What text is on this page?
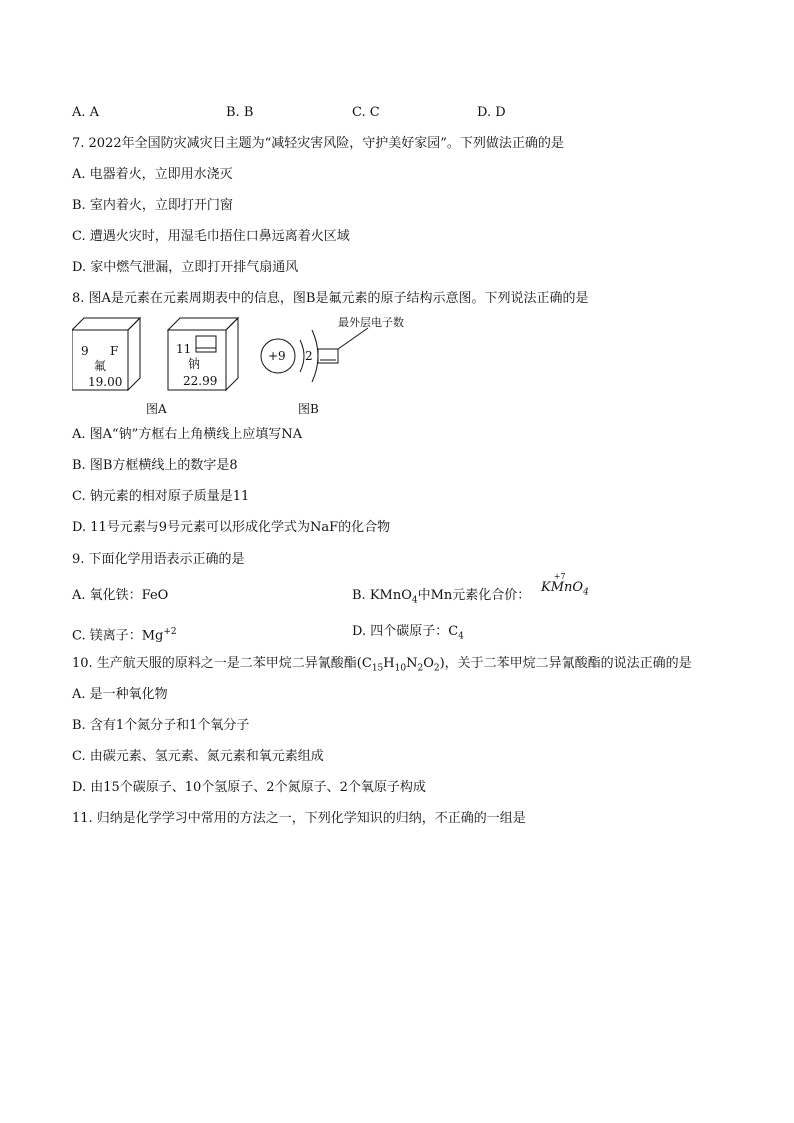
A. A	B. B	C. C	D. D
7. 2022年全国防灾减灾日主题为“减轻灾害风险，守护美好家园”。下列做法正确的是
A. 电器着火，立即用水浇灭
B. 室内着火，立即打开门窗
C. 遭遇火灾时，用湿毛巾捂住口鼻远离着火区域
D. 家中燃气泄漏，立即打开排气扇通风
8. 图A是元素在元素周期表中的信息，图B是氟元素的原子结构示意图。下列说法正确的是
9 F
氟
19.00
11
钠
22.99
+9 2
最外层电子数
图A	图B
A. 图A“钠”方框右上角横线上应填写NA
B. 图B方框横线上的数字是8
C. 钠元素的相对原子质量是11
D. 11号元素与9号元素可以形成化学式为NaF的化合物
9. 下面化学用语表示正确的是
A. 氧化铁：FeO	B. KMnO$_4$中Mn元素化合价：
K
+7
MnO$_4$
C. 镁离子：$Mg^{+2}$	D. 四个碳原子：$C_4$
10. 生产航天服的原料之一是二苯甲烷二异氰酸酯$(C_{15}H_{10}N_2O_2)$，关于二苯甲烷二异氰酸酯的说法正确的是
A. 是一种氧化物
B. 含有1个氮分子和1个氧分子
C. 由碳元素、氢元素、氮元素和氧元素组成
D. 由15个碳原子、10个氢原子、2个氮原子、2个氧原子构成
11. 归纳是化学学习中常用的方法之一，下列化学知识的归纳，不正确的一组是
